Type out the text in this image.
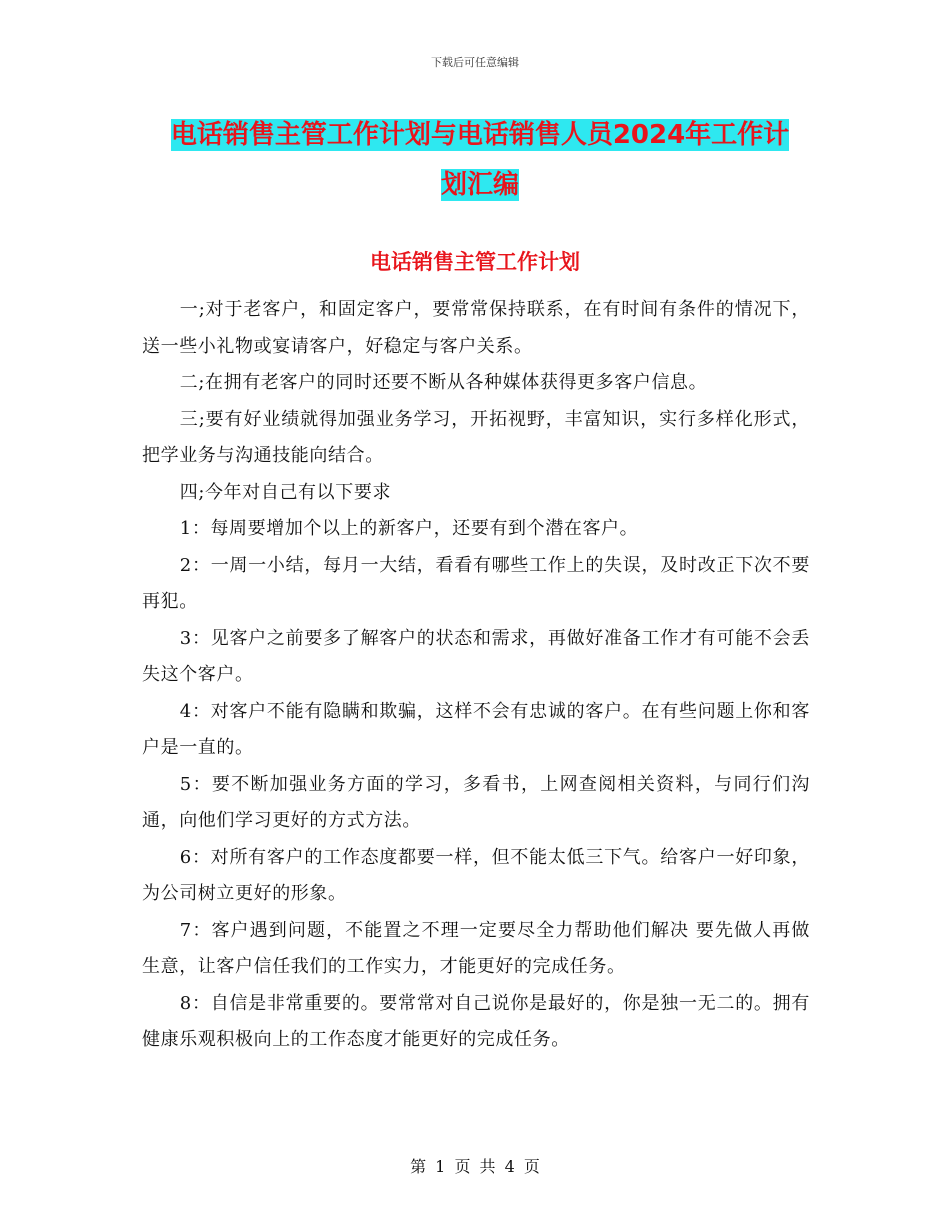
下载后可任意编辑
电话销售主管工作计划与电话销售人员2024年工作计
划汇编
电话销售主管工作计划

一;对于老客户，和固定客户，要常常保持联系，在有时间有条件的情况下，送一些小礼物或宴请客户，好稳定与客户关系。

二;在拥有老客户的同时还要不断从各种媒体获得更多客户信息。

三;要有好业绩就得加强业务学习，开拓视野，丰富知识，实行多样化形式，把学业务与沟通技能向结合。

四;今年对自己有以下要求

1：每周要增加个以上的新客户，还要有到个潜在客户。

2：一周一小结，每月一大结，看看有哪些工作上的失误，及时改正下次不要再犯。

3：见客户之前要多了解客户的状态和需求，再做好准备工作才有可能不会丢失这个客户。

4：对客户不能有隐瞒和欺骗，这样不会有忠诚的客户。在有些问题上你和客户是一直的。

5：要不断加强业务方面的学习，多看书，上网查阅相关资料，与同行们沟通，向他们学习更好的方式方法。

6：对所有客户的工作态度都要一样，但不能太低三下气。给客户一好印象，为公司树立更好的形象。

7：客户遇到问题，不能置之不理一定要尽全力帮助他们解决 要先做人再做生意，让客户信任我们的工作实力，才能更好的完成任务。

8：自信是非常重要的。要常常对自己说你是最好的，你是独一无二的。拥有健康乐观积极向上的工作态度才能更好的完成任务。

第 1 页 共 4 页
